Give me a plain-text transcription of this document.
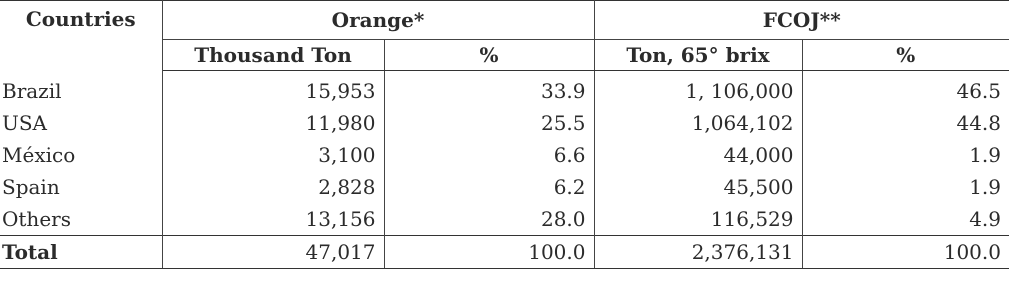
Countries	Orange*		FCOJ**	
	Thousand Ton	%	Ton, 65° brix	%
Brazil	15,953	33.9	1, 106,000	46.5
USA	11,980	25.5	1,064,102	44.8
México	3,100	6.6	44,000	1.9
Spain	2,828	6.2	45,500	1.9
Others	13,156	28.0	116,529	4.9
Total	47,017	100.0	2,376,131	100.0
